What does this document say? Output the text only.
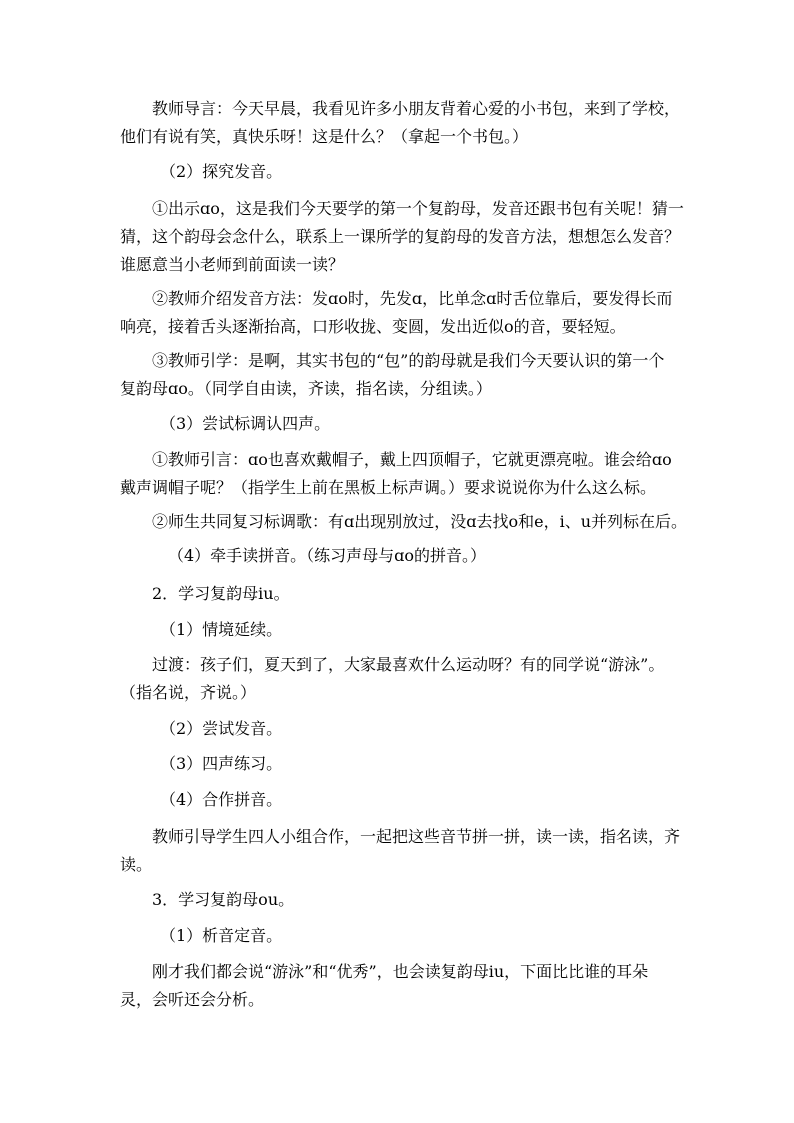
教师导言：今天早晨，我看见许多小朋友背着心爱的小书包，来到了学校，
他们有说有笑，真快乐呀！这是什么？（拿起一个书包。）
（2）探究发音。
①出示ɑo，这是我们今天要学的第一个复韵母，发音还跟书包有关呢！猜一
猜，这个韵母会念什么，联系上一课所学的复韵母的发音方法，想想怎么发音？
谁愿意当小老师到前面读一读？
②教师介绍发音方法：发ɑo时，先发ɑ，比单念ɑ时舌位靠后，要发得长而
响亮，接着舌头逐渐抬高，口形收拢、变圆，发出近似o的音，要轻短。
③教师引学：是啊，其实书包的“包”的韵母就是我们今天要认识的第一个
复韵母ɑo。（同学自由读，齐读，指名读，分组读。）
（3）尝试标调认四声。
①教师引言：ɑo也喜欢戴帽子，戴上四顶帽子，它就更漂亮啦。谁会给ɑo
戴声调帽子呢？（指学生上前在黑板上标声调。）要求说说你为什么这么标。
②师生共同复习标调歌：有ɑ出现别放过，没ɑ去找o和e，i、u并列标在后。
（4）牵手读拼音。（练习声母与ɑo的拼音。）
2．学习复韵母iu。
（1）情境延续。
过渡：孩子们，夏天到了，大家最喜欢什么运动呀？有的同学说“游泳”。
（指名说，齐说。）
（2）尝试发音。
（3）四声练习。
（4）合作拼音。
教师引导学生四人小组合作，一起把这些音节拼一拼，读一读，指名读，齐
读。
3．学习复韵母ou。
（1）析音定音。
刚才我们都会说“游泳”和“优秀”，也会读复韵母iu，下面比比谁的耳朵
灵，会听还会分析。
